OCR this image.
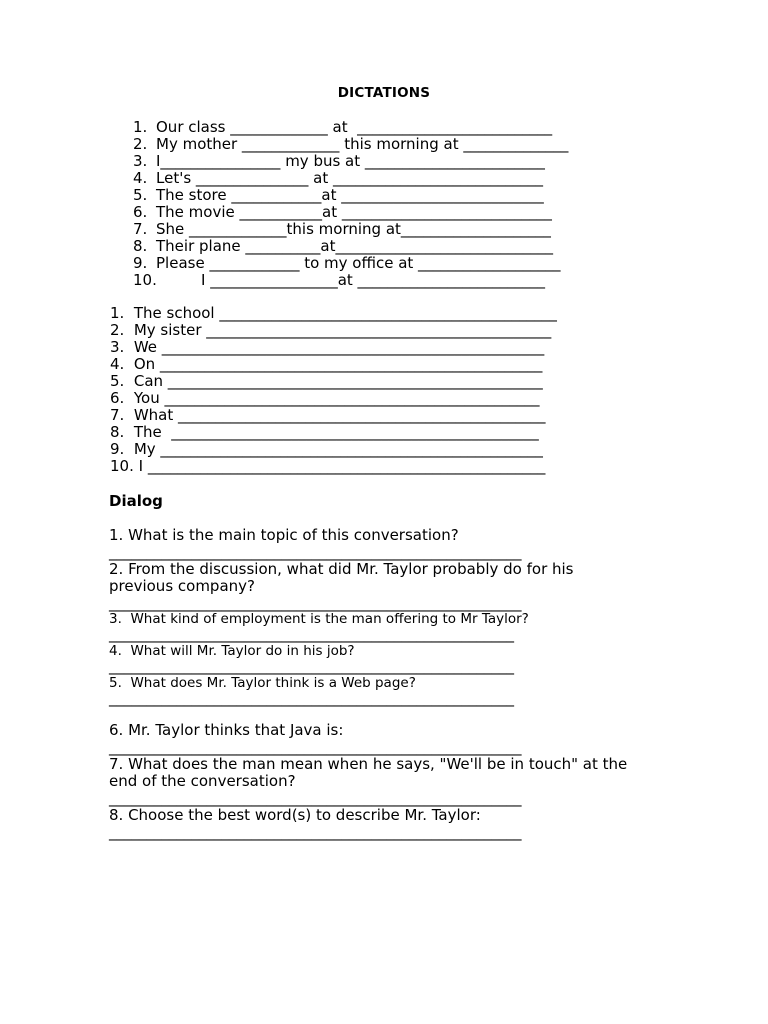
DICTATIONS
1. Our class _____________ at  __________________________
2. My mother _____________ this morning at ______________
3. I________________ my bus at ________________________
4. Let's _______________ at ____________________________
5. The store ____________at ___________________________
6. The movie ___________at ____________________________
7. She _____________this morning at____________________
8. Their plane __________at_____________________________
9. Please ____________ to my office at ___________________
10.	I _________________at _________________________
1.  The school _____________________________________________
2.  My sister ______________________________________________
3.  We ___________________________________________________
4.  On ___________________________________________________
5.  Can __________________________________________________
6.  You __________________________________________________
7.  What _________________________________________________
8.  The  _________________________________________________
9.  My ___________________________________________________
10. I _____________________________________________________
Dialog
1. What is the main topic of this conversation?
_______________________________________________________
2. From the discussion, what did Mr. Taylor probably do for his
previous company?
_______________________________________________________
3.  What kind of employment is the man offering to Mr Taylor?
______________________________________________________
4.  What will Mr. Taylor do in his job?
______________________________________________________
5.  What does Mr. Taylor think is a Web page?
______________________________________________________
6. Mr. Taylor thinks that Java is:
_______________________________________________________
7. What does the man mean when he says, "We'll be in touch" at the
end of the conversation?
_______________________________________________________
8. Choose the best word(s) to describe Mr. Taylor:
_______________________________________________________
